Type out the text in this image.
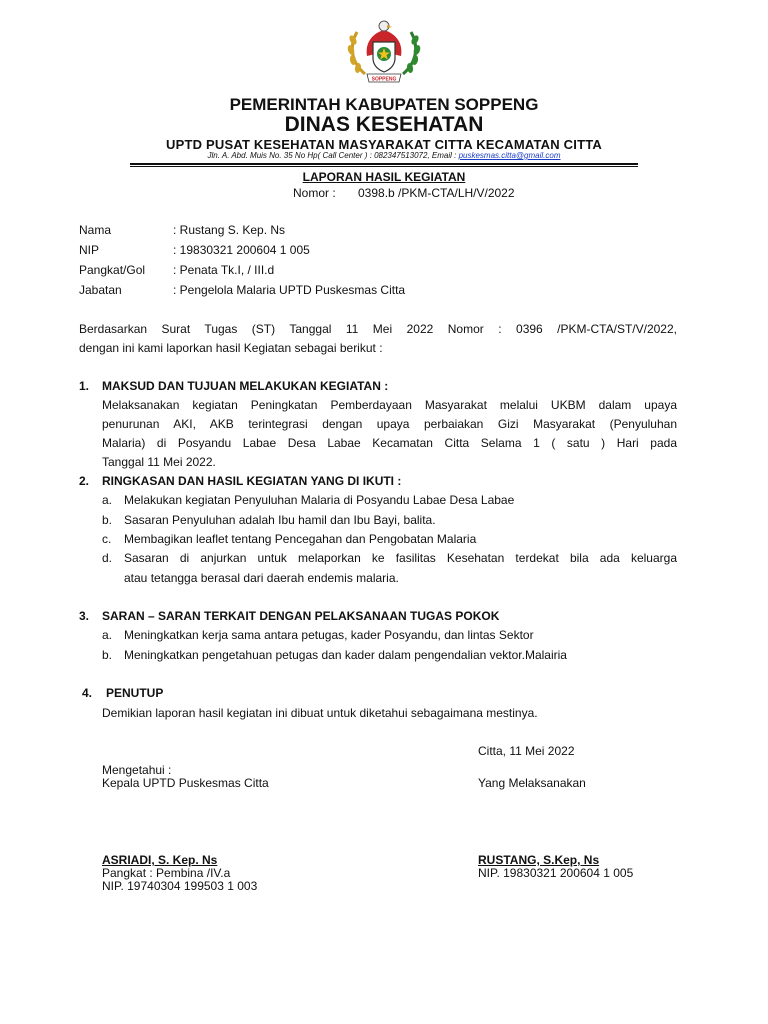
SOPPENG
PEMERINTAH KABUPATEN SOPPENG
DINAS KESEHATAN
UPTD PUSAT KESEHATAN MASYARAKAT CITTA KECAMATAN CITTA
Jln. A. Abd. Muis No. 35 No Hp( Call Center ) : 082347513072, Email : puskesmas.citta@gmail.com
LAPORAN HASIL KEGIATAN
Nomor : 0398.b /PKM-CTA/LH/V/2022
Nama	: Rustang S. Kep. Ns
NIP	: 19830321 200604 1 005
Pangkat/Gol : Penata Tk.I, / III.d
Jabatan	: Pengelola Malaria UPTD Puskesmas Citta
Berdasarkan Surat Tugas (ST) Tanggal 11 Mei 2022 Nomor : 0396 /PKM-CTA/ST/V/2022,
dengan ini kami laporkan hasil Kegiatan sebagai berikut :
1. MAKSUD DAN TUJUAN MELAKUKAN KEGIATAN :
Melaksanakan kegiatan Peningkatan Pemberdayaan Masyarakat melalui UKBM dalam upaya
penurunan AKI, AKB terintegrasi dengan upaya perbaiakan Gizi Masyarakat (Penyuluhan
Malaria) di Posyandu Labae Desa Labae Kecamatan Citta Selama 1 ( satu ) Hari pada
Tanggal 11 Mei 2022.
2. RINGKASAN DAN HASIL KEGIATAN YANG DI IKUTI :
a. Melakukan kegiatan Penyuluhan Malaria di Posyandu Labae Desa Labae
b. Sasaran Penyuluhan adalah Ibu hamil dan Ibu Bayi, balita.
c. Membagikan leaflet tentang Pencegahan dan Pengobatan Malaria
d. Sasaran di anjurkan untuk melaporkan ke fasilitas Kesehatan terdekat bila ada keluarga
atau tetangga berasal dari daerah endemis malaria.
3. SARAN – SARAN TERKAIT DENGAN PELAKSANAAN TUGAS POKOK
a. Meningkatkan kerja sama antara petugas, kader Posyandu, dan lintas Sektor
b. Meningkatkan pengetahuan petugas dan kader dalam pengendalian vektor.Malairia
4. PENUTUP
Demikian laporan hasil kegiatan ini dibuat untuk diketahui sebagaimana mestinya.
Citta, 11 Mei 2022
Mengetahui :
Kepala UPTD Puskesmas Citta	Yang Melaksanakan
ASRIADI, S. Kep. Ns
Pangkat : Pembina /IV.a
NIP. 19740304 199503 1 003
RUSTANG, S.Kep, Ns
NIP. 19830321 200604 1 005
